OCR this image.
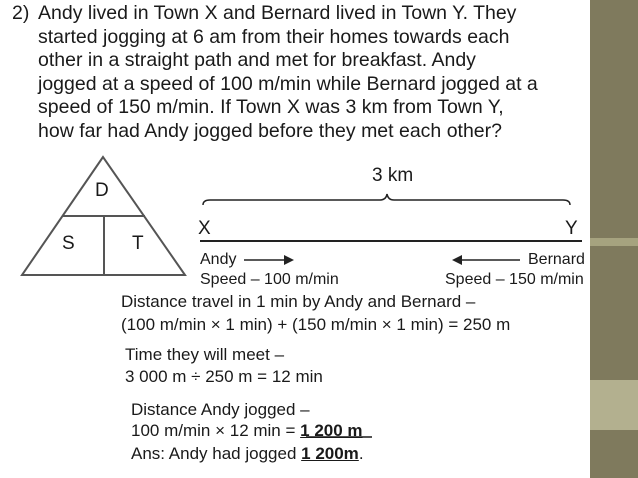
2) Andy lived in Town X and Bernard lived in Town Y. They
started jogging at 6 am from their homes towards each
other in a straight path and met for breakfast. Andy
jogged at a speed of 100 m/min while Bernard jogged at a
speed of 150 m/min. If Town X was 3 km from Town Y,
how far had Andy jogged before they met each other?
D
S	T
3 km
X	Y
Andy
Speed – 100 m/min
Bernard
Speed – 150 m/min
Distance travel in 1 min by Andy and Bernard –
(100 m/min × 1 min) + (150 m/min × 1 min) = 250 m
Time they will meet –
3 000 m ÷ 250 m = 12 min
Distance Andy jogged –
100 m/min × 12 min = 1 200 m
Ans: Andy had jogged 1 200m.
